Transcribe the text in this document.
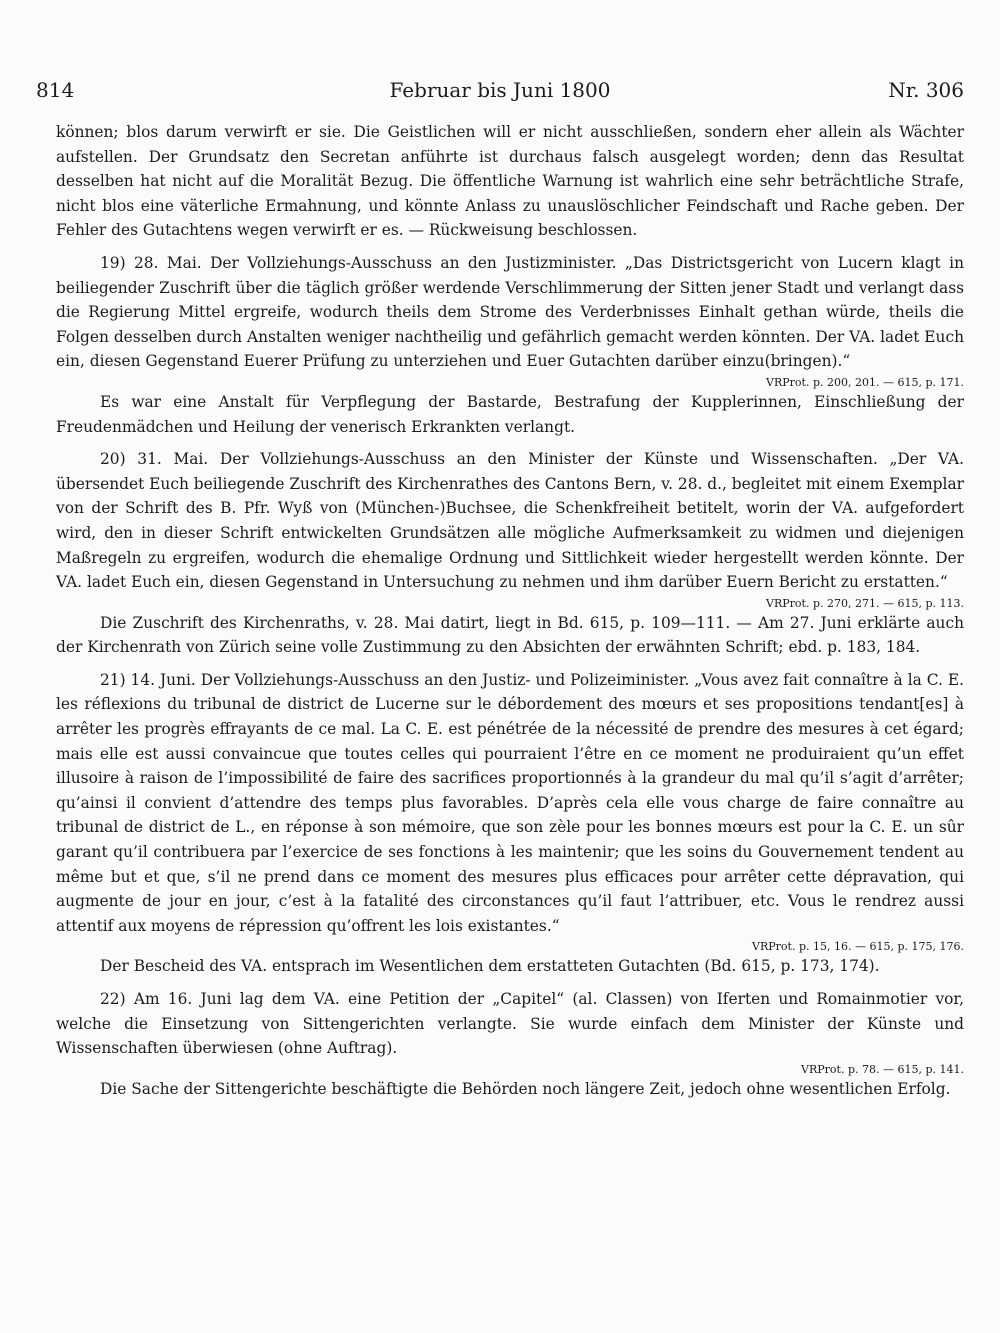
814	Februar bis Juni 1800	Nr. 306

können; blos darum verwirft er sie. Die Geistlichen will er nicht ausschließen, sondern eher allein als Wächter aufstellen. Der Grundsatz den Secretan anführte ist durchaus falsch ausgelegt worden; denn das Resultat desselben hat nicht auf die Moralität Bezug. Die öffentliche Warnung ist wahrlich eine sehr beträchtliche Strafe, nicht blos eine väterliche Ermahnung, und könnte Anlass zu unauslöschlicher Feindschaft und Rache geben. Der Fehler des Gutachtens wegen verwirft er es. — Rückweisung beschlossen.

19) 28. Mai. Der Vollziehungs-Ausschuss an den Justizminister. „Das Districtsgericht von Lucern klagt in beiliegender Zuschrift über die täglich größer werdende Verschlimmerung der Sitten jener Stadt und verlangt dass die Regierung Mittel ergreife, wodurch theils dem Strome des Verderbnisses Einhalt gethan würde, theils die Folgen desselben durch Anstalten weniger nachtheilig und gefährlich gemacht werden könnten. Der VA. ladet Euch ein, diesen Gegenstand Euerer Prüfung zu unterziehen und Euer Gutachten darüber einzu(bringen).“

VRProt. p. 200, 201. — 615, p. 171.

Es war eine Anstalt für Verpflegung der Bastarde, Bestrafung der Kupplerinnen, Einschließung der Freudenmädchen und Heilung der venerisch Erkrankten verlangt.

20) 31. Mai. Der Vollziehungs-Ausschuss an den Minister der Künste und Wissenschaften. „Der VA. übersendet Euch beiliegende Zuschrift des Kirchenrathes des Cantons Bern, v. 28. d., begleitet mit einem Exemplar von der Schrift des B. Pfr. Wyß von (München-)Buchsee, die Schenkfreiheit betitelt, worin der VA. aufgefordert wird, den in dieser Schrift entwickelten Grundsätzen alle mögliche Aufmerksamkeit zu widmen und diejenigen Maßregeln zu ergreifen, wodurch die ehemalige Ordnung und Sittlichkeit wieder hergestellt werden könnte. Der VA. ladet Euch ein, diesen Gegenstand in Untersuchung zu nehmen und ihm darüber Euern Bericht zu erstatten.“

VRProt. p. 270, 271. — 615, p. 113.

Die Zuschrift des Kirchenraths, v. 28. Mai datirt, liegt in Bd. 615, p. 109—111. — Am 27. Juni erklärte auch der Kirchenrath von Zürich seine volle Zustimmung zu den Absichten der erwähnten Schrift; ebd. p. 183, 184.

21) 14. Juni. Der Vollziehungs-Ausschuss an den Justiz- und Polizeiminister. „Vous avez fait connaître à la C. E. les réflexions du tribunal de district de Lucerne sur le débordement des mœurs et ses propositions tendant[es] à arrêter les progrès effrayants de ce mal. La C. E. est pénétrée de la nécessité de prendre des mesures à cet égard; mais elle est aussi convaincue que toutes celles qui pourraient l’être en ce moment ne produiraient qu’un effet illusoire à raison de l’impossibilité de faire des sacrifices proportionnés à la grandeur du mal qu’il s’agit d’arrêter; qu’ainsi il convient d’attendre des temps plus favorables. D’après cela elle vous charge de faire connaître au tribunal de district de L., en réponse à son mémoire, que son zèle pour les bonnes mœurs est pour la C. E. un sûr garant qu’il contribuera par l’exercice de ses fonctions à les maintenir; que les soins du Gouvernement tendent au même but et que, s’il ne prend dans ce moment des mesures plus efficaces pour arrêter cette dépravation, qui augmente de jour en jour, c’est à la fatalité des circonstances qu’il faut l’attribuer, etc. Vous le rendrez aussi attentif aux moyens de répression qu’offrent les lois existantes.“

VRProt. p. 15, 16. — 615, p. 175, 176.

Der Bescheid des VA. entsprach im Wesentlichen dem erstatteten Gutachten (Bd. 615, p. 173, 174).

22) Am 16. Juni lag dem VA. eine Petition der „Capitel“ (al. Classen) von Iferten und Romainmotier vor, welche die Einsetzung von Sittengerichten verlangte. Sie wurde einfach dem Minister der Künste und Wissenschaften überwiesen (ohne Auftrag).

VRProt. p. 78. — 615, p. 141.

Die Sache der Sittengerichte beschäftigte die Behörden noch längere Zeit, jedoch ohne wesentlichen Erfolg.
